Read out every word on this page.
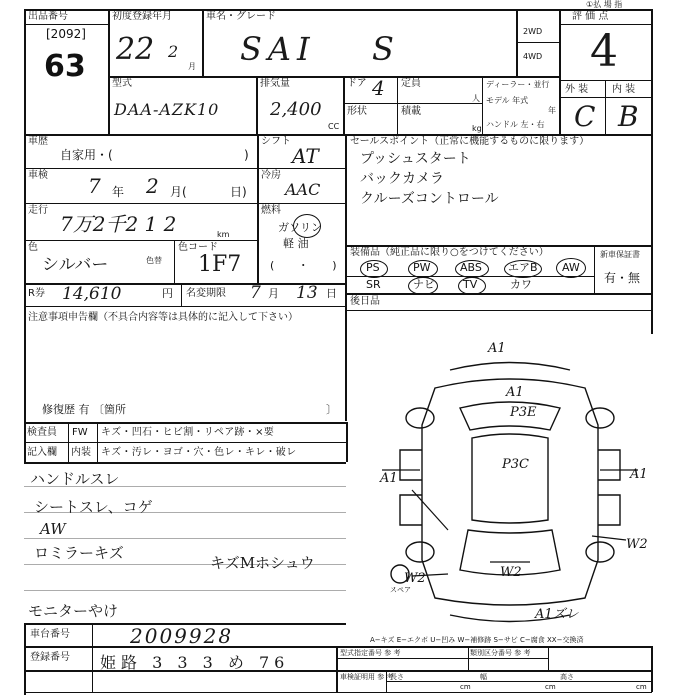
出品番号
[2092]
63
初度登録年月
22 2
月
車名・グレード
SAI S	2WD
4WD
①払 場 指
評 価 点
4
外 装 内 装
C B
型式
DAA-AZK10
排気量
2,400
CC
ドア 4 定員
人
形状	積載
kg
ディーラー・並行
モデル 年式
年
ハンドル 左・右
車歴
自家用・(	)
シフト
AT
車検 7 年 2 月(	日)
冷房
AAC
走行
7万2千2 1 2	km
燃料
ガソリン
軽 油
( ・ )
色
シルバー	色替
色コード
1F7
セールスポイント（正常に機能するものに限ります）
プッシュスタート
バックカメラ
クルーズコントロール
装備品（純正品に限り○をつけてください）	新車保証書
有・無
PS	PW	ABS エアB AW
SR	ナビ	TV	カワ
R券 14,610	円 名変期限 7 月 13 日
後日品
注意事項申告欄（不具合内容等は具体的に記入して下さい）
修復歴 有 〔箇所	〕
検査員 FW キズ・凹石・ヒビ割・リペア跡・×要
記入欄 内装 キズ・汚レ・ヨゴ・穴・色レ・キレ・破レ
ハンドルスレ
シートスレ、コゲ
AW
ロミラーキズ
キズMホシュウ
モニターやけ
A1
A1
P3E
P3C
A1	A1
W2
W2
W2
A1ズレ
スペア
A−キズ E−エクボ U−凹み W−補修跡 S−サビ C−腐食 XX−交換済
車台番号	2009928
登録番号 姫路 3 3 3 め 76	型式指定番号 参 考	類別区分番号 参 考
車検証明用 参 考
長さ	幅	高さ
cm	cm	cm
